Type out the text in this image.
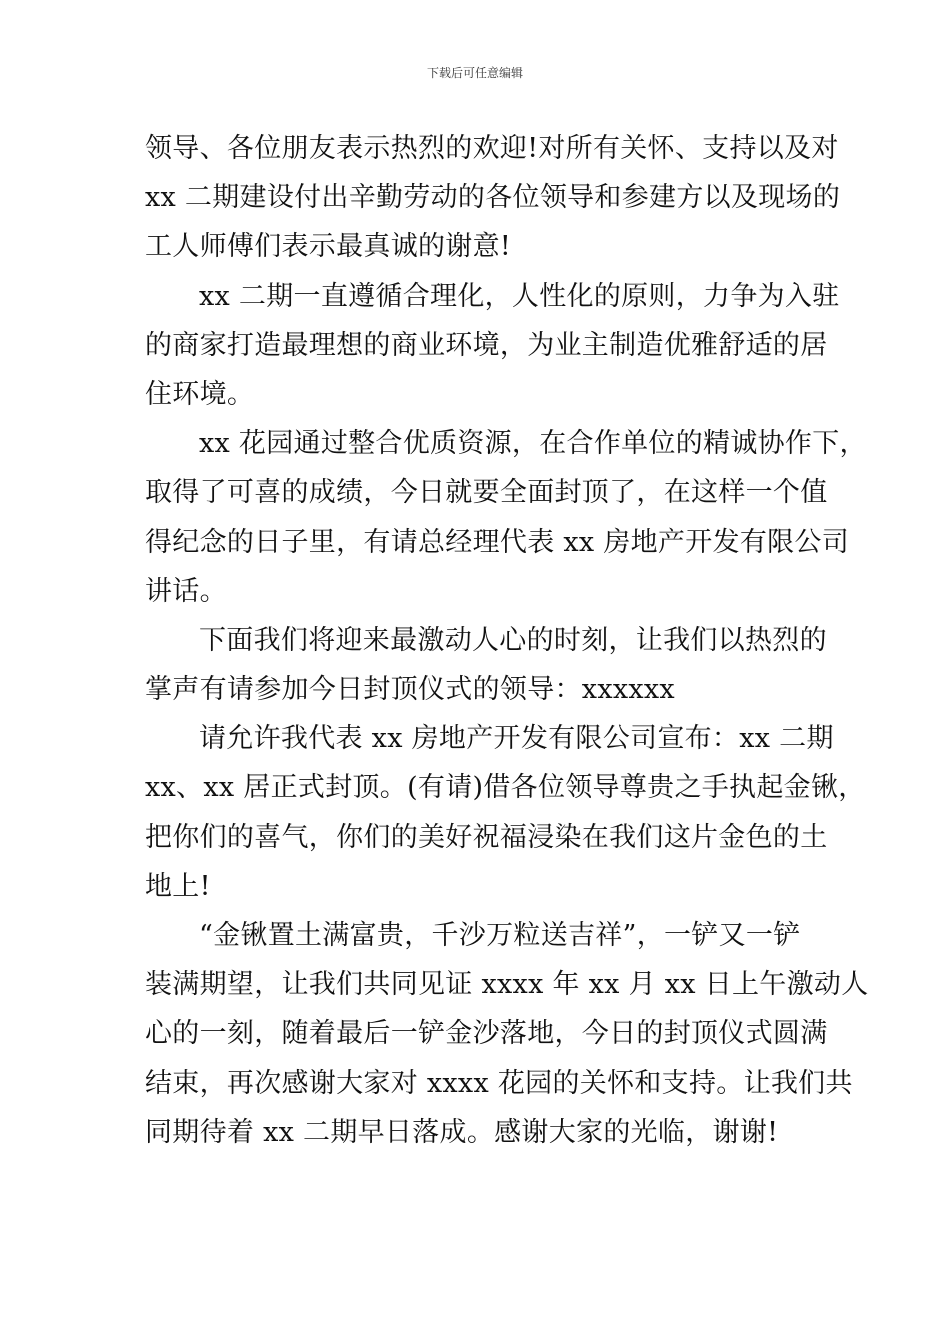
下载后可任意编辑
领导、各位朋友表示热烈的欢迎!对所有关怀、支持以及对
xx 二期建设付出辛勤劳动的各位领导和参建方以及现场的
工人师傅们表示最真诚的谢意!
xx 二期一直遵循合理化，人性化的原则，力争为入驻
的商家打造最理想的商业环境，为业主制造优雅舒适的居
住环境。
xx 花园通过整合优质资源，在合作单位的精诚协作下，
取得了可喜的成绩，今日就要全面封顶了，在这样一个值
得纪念的日子里，有请总经理代表 xx 房地产开发有限公司
讲话。
下面我们将迎来最激动人心的时刻，让我们以热烈的
掌声有请参加今日封顶仪式的领导：xxxxxx
请允许我代表 xx 房地产开发有限公司宣布：xx 二期
xx、xx 居正式封顶。(有请)借各位领导尊贵之手执起金锹，
把你们的喜气，你们的美好祝福浸染在我们这片金色的土
地上!
“金锹置土满富贵，千沙万粒送吉祥”，一铲又一铲
装满期望，让我们共同见证 xxxx 年 xx 月 xx 日上午激动人
心的一刻，随着最后一铲金沙落地，今日的封顶仪式圆满
结束，再次感谢大家对 xxxx 花园的关怀和支持。让我们共
同期待着 xx 二期早日落成。感谢大家的光临，谢谢!
